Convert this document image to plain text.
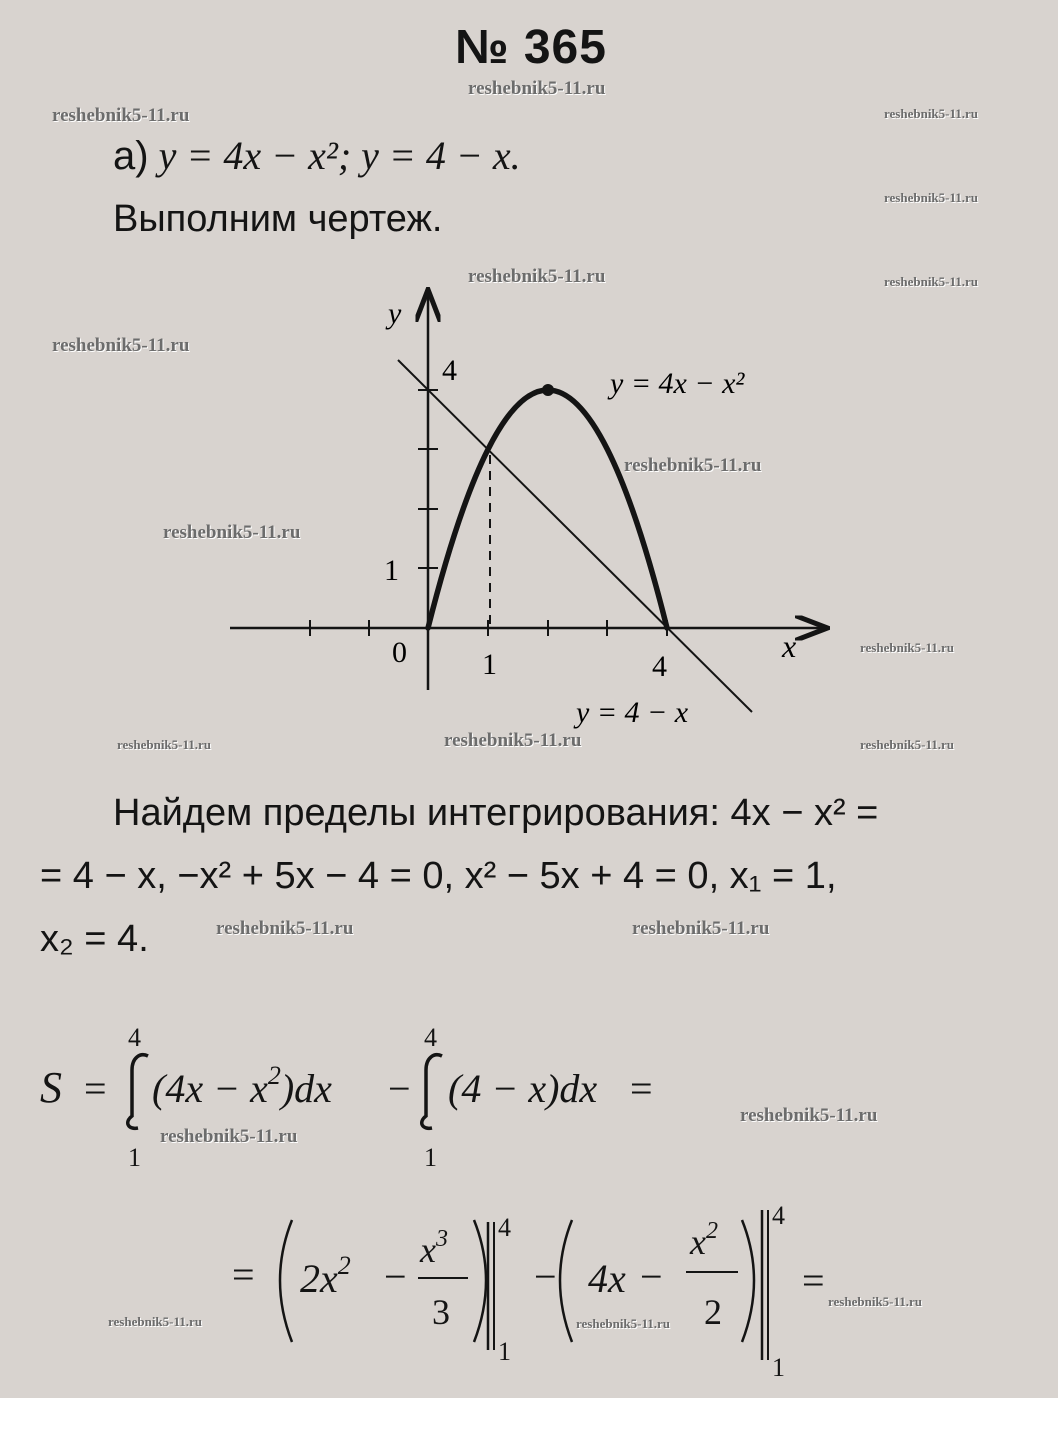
№ 365
а) y = 4x − x²; y = 4 − x.
Выполним чертеж.
y
x
4
1
0	1	4
y = 4x − x²
y = 4 − x
Найдем пределы интегрирования: 4x − x² =
= 4 − x, −x² + 5x − 4 = 0, x² − 5x + 4 = 0, x₁ = 1,
x₂ = 4.
S =
4
1
$(4x - x^2)dx$ −
4
1
(4 − x)dx =
= $2x^2$ −
$x^3$
3
4
1
− 4x −
$x^2$
2
4
1
=
reshebnik5-11.ru
reshebnik5-11.ru	reshebnik5-11.ru
reshebnik5-11.ru
reshebnik5-11.ru	reshebnik5-11.ru
reshebnik5-11.ru
reshebnik5-11.ru
reshebnik5-11.ru
reshebnik5-11.ru
reshebnik5-11.ru	reshebnik5-11.ru	reshebnik5-11.ru
reshebnik5-11.ru	reshebnik5-11.ru
reshebnik5-11.ru
reshebnik5-11.ru
reshebnik5-11.ru	reshebnik5-11.ru
reshebnik5-11.ru
